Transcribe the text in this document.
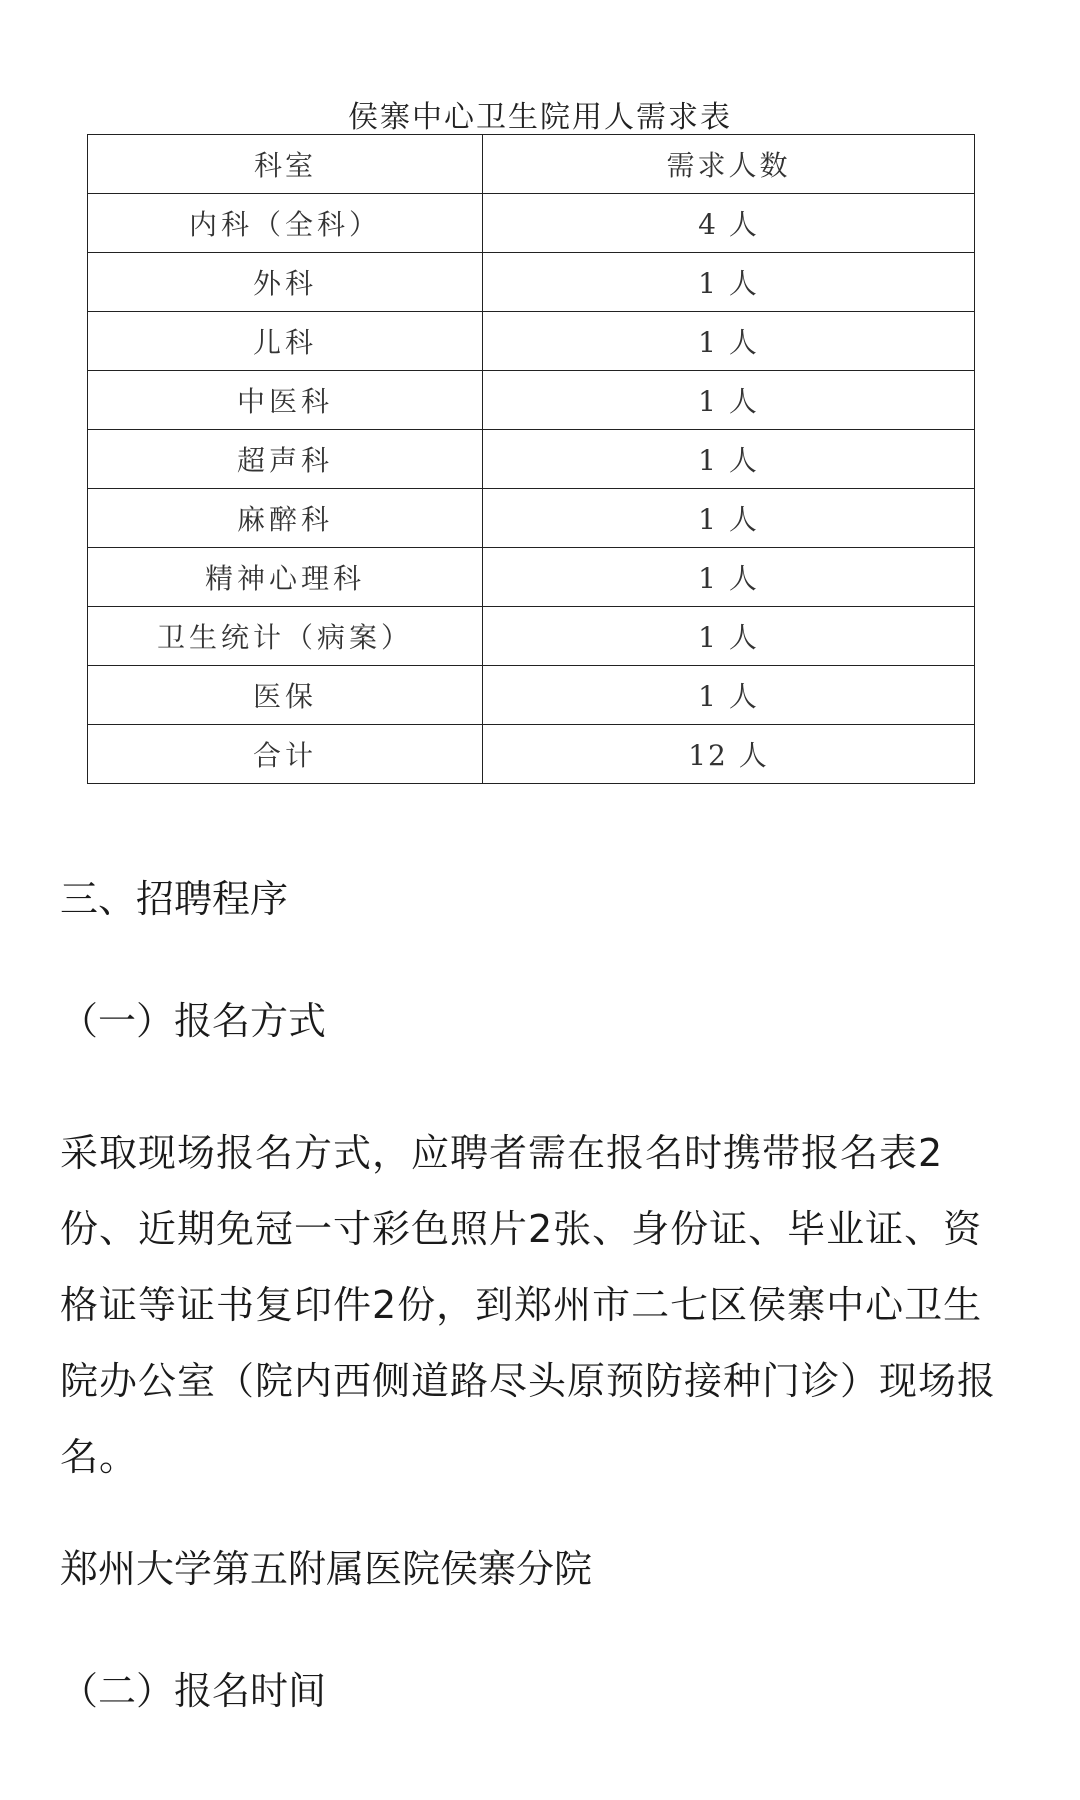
侯寨中心卫生院用人需求表
科室	需求人数
内科（全科）	4 人
外科	1 人
儿科	1 人
中医科	1 人
超声科	1 人
麻醉科	1 人
精神心理科	1 人
卫生统计（病案）	1 人
医保	1 人
合计	12 人

三、招聘程序

（一）报名方式

采取现场报名方式，应聘者需在报名时携带报名表2份、近期免冠一寸彩色照片2张、身份证、毕业证、资格证等证书复印件2份，到郑州市二七区侯寨中心卫生院办公室（院内西侧道路尽头原预防接种门诊）现场报名。

郑州大学第五附属医院侯寨分院

（二）报名时间
